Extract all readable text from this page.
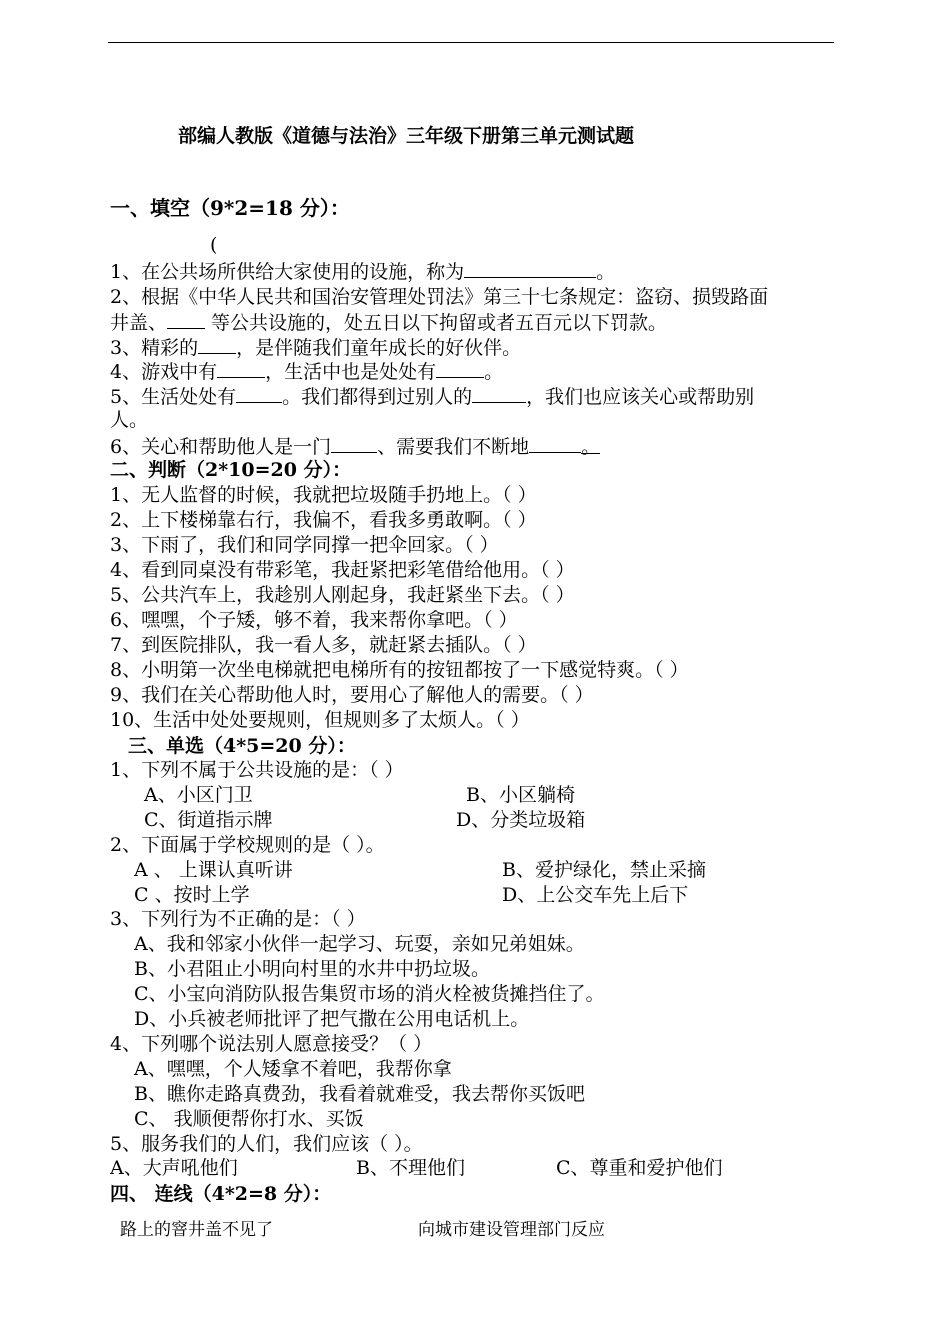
部编人教版《道德与法治》三年级下册第三单元测试题
一、填空（9*2=18 分）：
(
1、在公共场所供给大家使用的设施，称为	。
2、根据《中华人民共和国治安管理处罚法》第三十七条规定：盗窃、损毁路面
井盖、 等公共设施的，处五日以下拘留或者五百元以下罚款。
3、精彩的 ，是伴随我们童年成长的好伙伴。
4、游戏中有	，生活中也是处处有	。
5、生活处处有 。我们都得到过别人的	，我们也应该关心或帮助别
人。
6、关心和帮助他人是一门 、需要我们不断地	。
二、判断（2*10=20 分）：
1、无人监督的时候，我就把垃圾随手扔地上。（ ）
2、上下楼梯靠右行，我偏不，看我多勇敢啊。（ ）
3、下雨了，我们和同学同撑一把伞回家。（ ）
4、看到同桌没有带彩笔，我赶紧把彩笔借给他用。（ ）
5、公共汽车上，我趁别人刚起身，我赶紧坐下去。（ ）
6、嘿嘿，个子矮，够不着，我来帮你拿吧。（ ）
7、到医院排队，我一看人多，就赶紧去插队。（ ）
8、小明第一次坐电梯就把电梯所有的按钮都按了一下感觉特爽。（ ）
9、我们在关心帮助他人时，要用心了解他人的需要。（ ）
10、生活中处处要规则，但规则多了太烦人。（ ）
三、单选（4*5=20 分）：
1、下列不属于公共设施的是：（ ）
A、小区门卫	B、小区躺椅
C、街道指示牌	D、分类垃圾箱
2、下面属于学校规则的是（ ）。
A 、 上课认真听讲	B、爱护绿化，禁止采摘
C 、按时上学	D、上公交车先上后下
3、下列行为不正确的是：（ ）
A、我和邻家小伙伴一起学习、玩耍，亲如兄弟姐妹。
B、小君阻止小明向村里的水井中扔垃圾。
C、小宝向消防队报告集贸市场的消火栓被货摊挡住了。
D、小兵被老师批评了把气撒在公用电话机上。
4、下列哪个说法别人愿意接受？（ ）
A、嘿嘿，个人矮拿不着吧，我帮你拿
B、瞧你走路真费劲，我看着就难受，我去帮你买饭吧
C、 我顺便帮你打水、买饭
5、服务我们的人们，我们应该（ ）。
A、大声吼他们	B、不理他们	C、尊重和爱护他们
四、 连线（4*2=8 分）：
路上的窨井盖不见了	向城市建设管理部门反应
